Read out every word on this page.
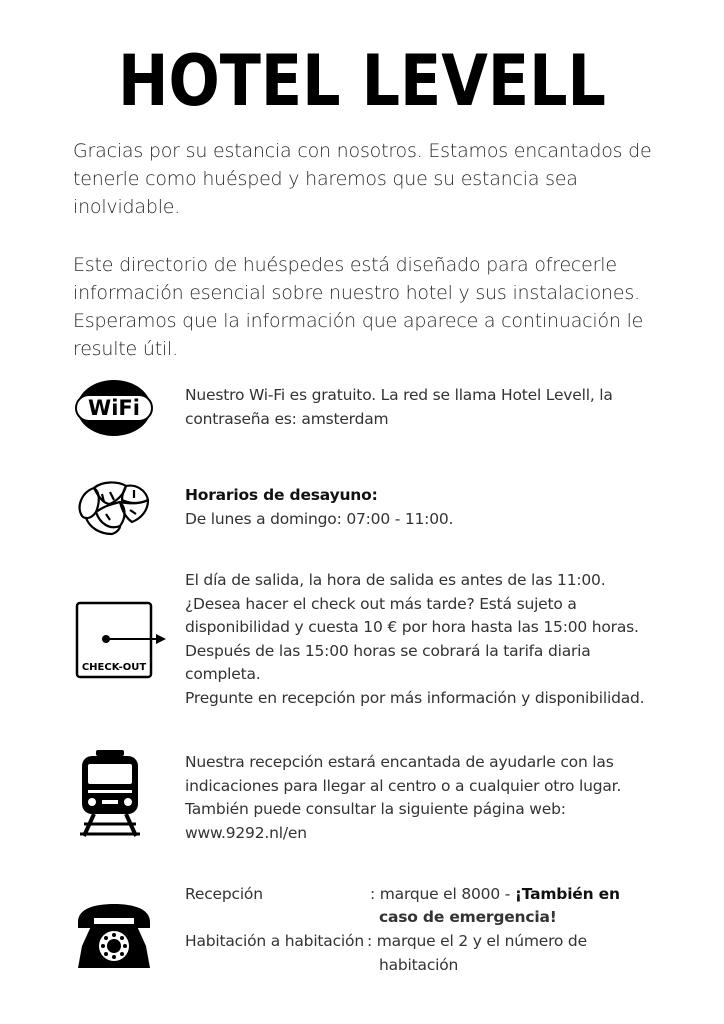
HOTEL LEVELL
Gracias por su estancia con nosotros. Estamos encantados de
tenerle como huésped y haremos que su estancia sea
inolvidable.
Este directorio de huéspedes está diseñado para ofrecerle
información esencial sobre nuestro hotel y sus instalaciones.
Esperamos que la información que aparece a continuación le
resulte útil.
WiFi
Nuestro Wi-Fi es gratuito. La red se llama Hotel Levell, la
contraseña es: amsterdam
Horarios de desayuno:
De lunes a domingo: 07:00 - 11:00.
CHECK-OUT
El día de salida, la hora de salida es antes de las 11:00.
¿Desea hacer el check out más tarde? Está sujeto a
disponibilidad y cuesta 10 € por hora hasta las 15:00 horas.
Después de las 15:00 horas se cobrará la tarifa diaria
completa.
Pregunte en recepción por más información y disponibilidad.
Nuestra recepción estará encantada de ayudarle con las
indicaciones para llegar al centro o a cualquier otro lugar.
También puede consultar la siguiente página web:
www.9292.nl/en
Recepción	: marque el 8000 - ¡También en
caso de emergencia!
Habitación a habitación : marque el 2 y el número de
habitación
